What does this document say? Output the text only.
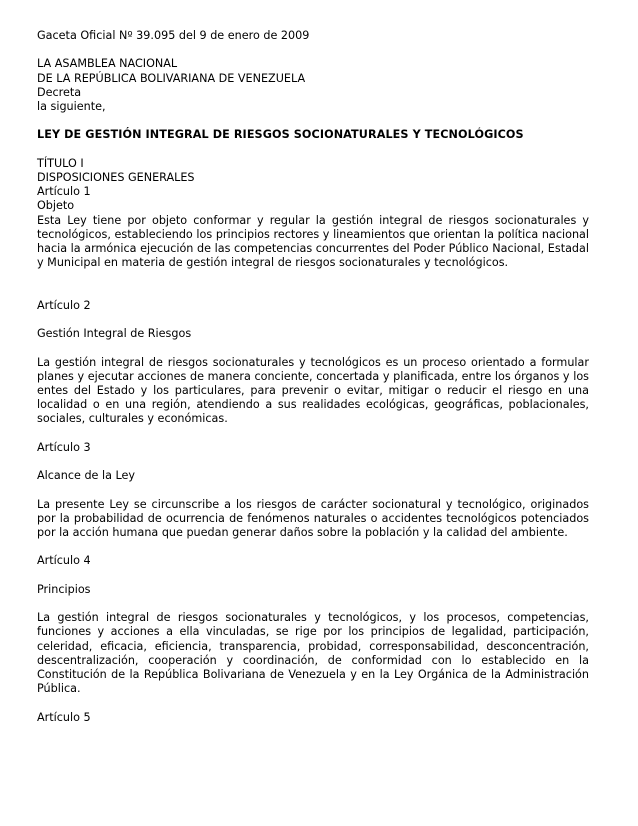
Gaceta Oficial Nº 39.095 del 9 de enero de 2009
LA ASAMBLEA NACIONAL
DE LA REPÚBLICA BOLIVARIANA DE VENEZUELA
Decreta
la siguiente,
LEY DE GESTIÓN INTEGRAL DE RIESGOS SOCIONATURALES Y TECNOLÓGICOS
TÍTULO I
DISPOSICIONES GENERALES
Artículo 1
Objeto

Esta Ley tiene por objeto conformar y regular la gestión integral de riesgos socionaturales y tecnológicos, estableciendo los principios rectores y lineamientos que orientan la política nacional hacia la armónica ejecución de las competencias concurrentes del Poder Público Nacional, Estadal y Municipal en materia de gestión integral de riesgos socionaturales y tecnológicos.

Artículo 2
Gestión Integral de Riesgos

La gestión integral de riesgos socionaturales y tecnológicos es un proceso orientado a formular planes y ejecutar acciones de manera conciente, concertada y planificada, entre los órganos y los entes del Estado y los particulares, para prevenir o evitar, mitigar o reducir el riesgo en una localidad o en una región, atendiendo a sus realidades ecológicas, geográficas, poblacionales, sociales, culturales y económicas.

Artículo 3
Alcance de la Ley

La presente Ley se circunscribe a los riesgos de carácter socionatural y tecnológico, originados por la probabilidad de ocurrencia de fenómenos naturales o accidentes tecnológicos potenciados por la acción humana que puedan generar daños sobre la población y la calidad del ambiente.

Artículo 4
Principios

La gestión integral de riesgos socionaturales y tecnológicos, y los procesos, competencias, funciones y acciones a ella vinculadas, se rige por los principios de legalidad, participación, celeridad, eficacia, eficiencia, transparencia, probidad, corresponsabilidad, desconcentración, descentralización, cooperación y coordinación, de conformidad con lo establecido en la Constitución de la República Bolivariana de Venezuela y en la Ley Orgánica de la Administración Pública.

Artículo 5
